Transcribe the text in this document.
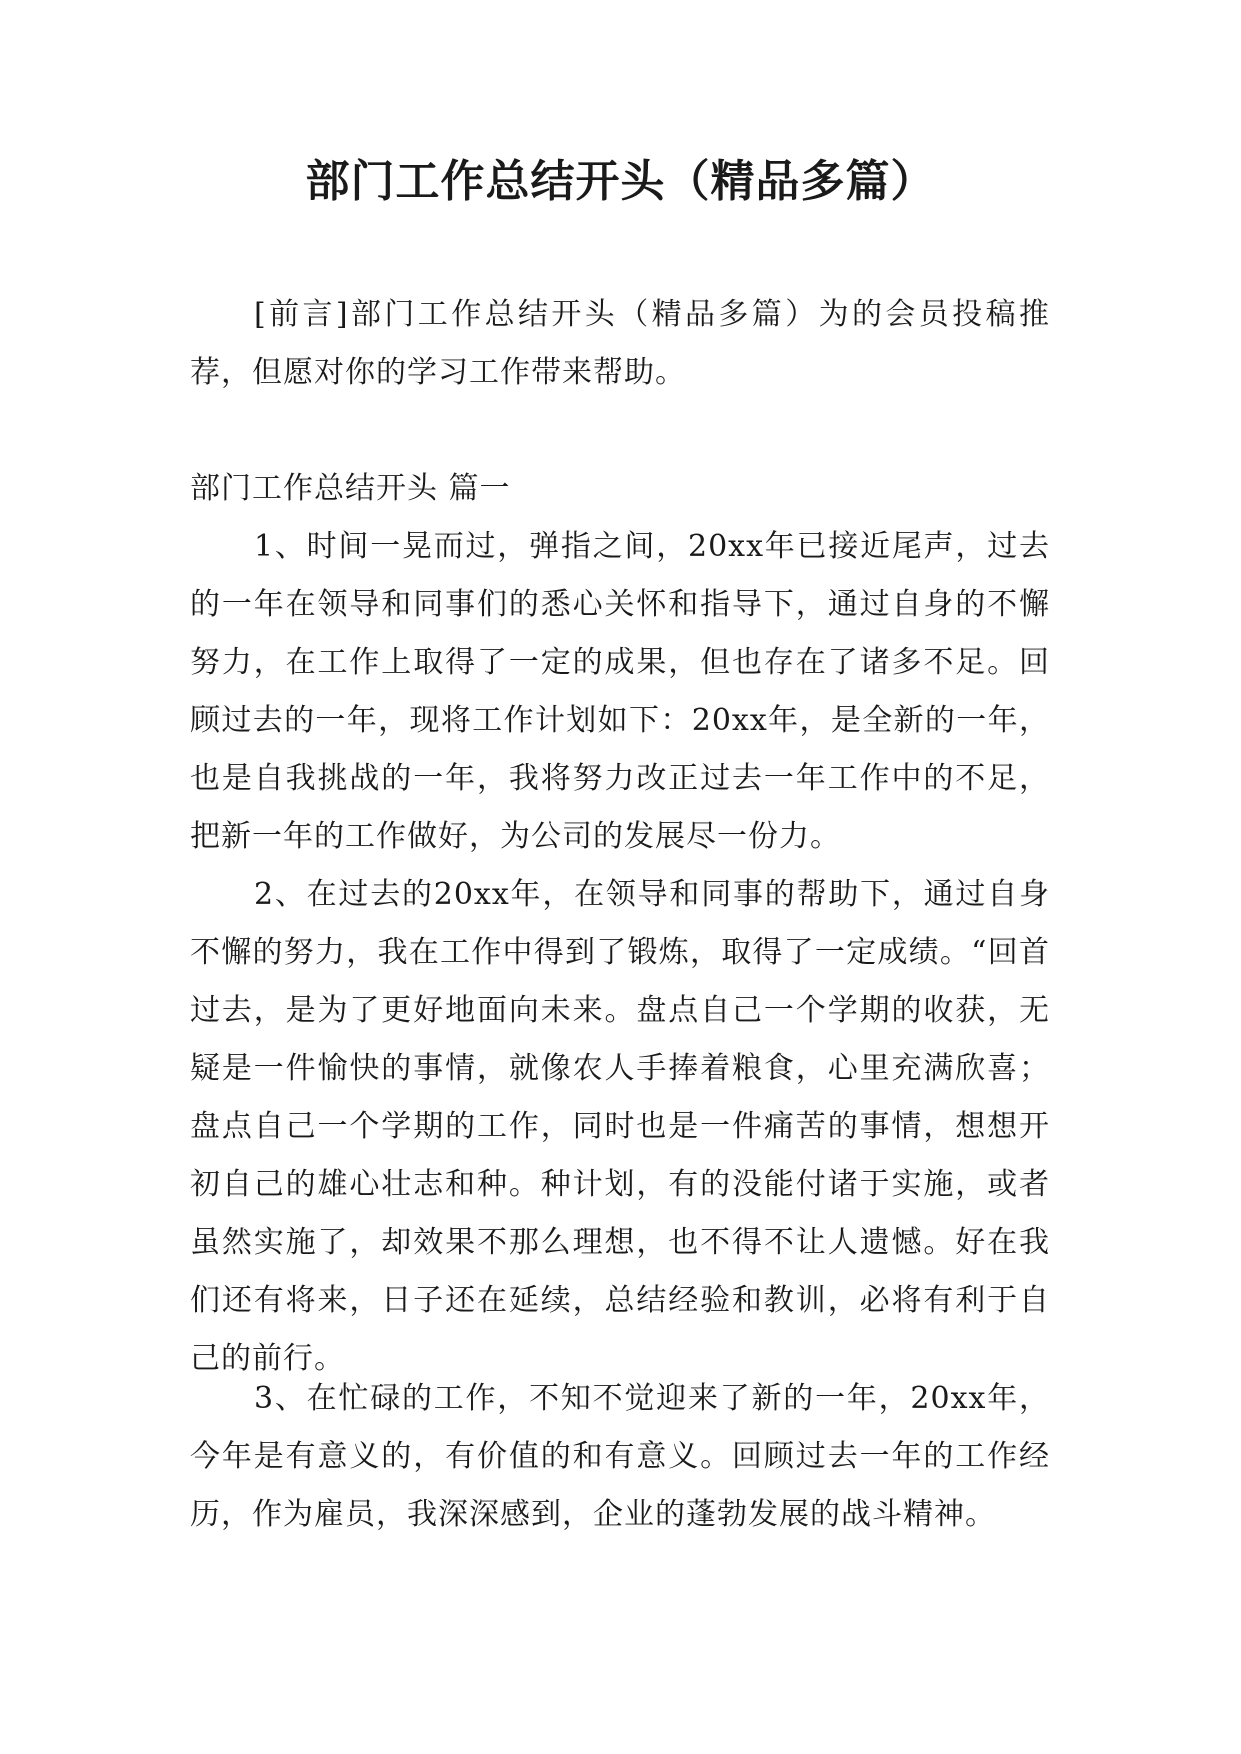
部门工作总结开头（精品多篇）
[前言]部门工作总结开头（精品多篇）为的会员投稿推荐，但愿对你的学习工作带来帮助。
部门工作总结开头 篇一
1、时间一晃而过，弹指之间，20xx年已接近尾声，过去的一年在领导和同事们的悉心关怀和指导下，通过自身的不懈努力，在工作上取得了一定的成果，但也存在了诸多不足。回顾过去的一年，现将工作计划如下：20xx年，是全新的一年，也是自我挑战的一年，我将努力改正过去一年工作中的不足，把新一年的工作做好，为公司的发展尽一份力。
2、在过去的20xx年，在领导和同事的帮助下，通过自身不懈的努力，我在工作中得到了锻炼，取得了一定成绩。“回首过去，是为了更好地面向未来。盘点自己一个学期的收获，无疑是一件愉快的事情，就像农人手捧着粮食，心里充满欣喜；盘点自己一个学期的工作，同时也是一件痛苦的事情，想想开初自己的雄心壮志和种。种计划，有的没能付诸于实施，或者虽然实施了，却效果不那么理想，也不得不让人遗憾。好在我们还有将来，日子还在延续，总结经验和教训，必将有利于自己的前行。
3、在忙碌的工作，不知不觉迎来了新的一年，20xx年，今年是有意义的，有价值的和有意义。回顾过去一年的工作经历，作为雇员，我深深感到，企业的蓬勃发展的战斗精神。
